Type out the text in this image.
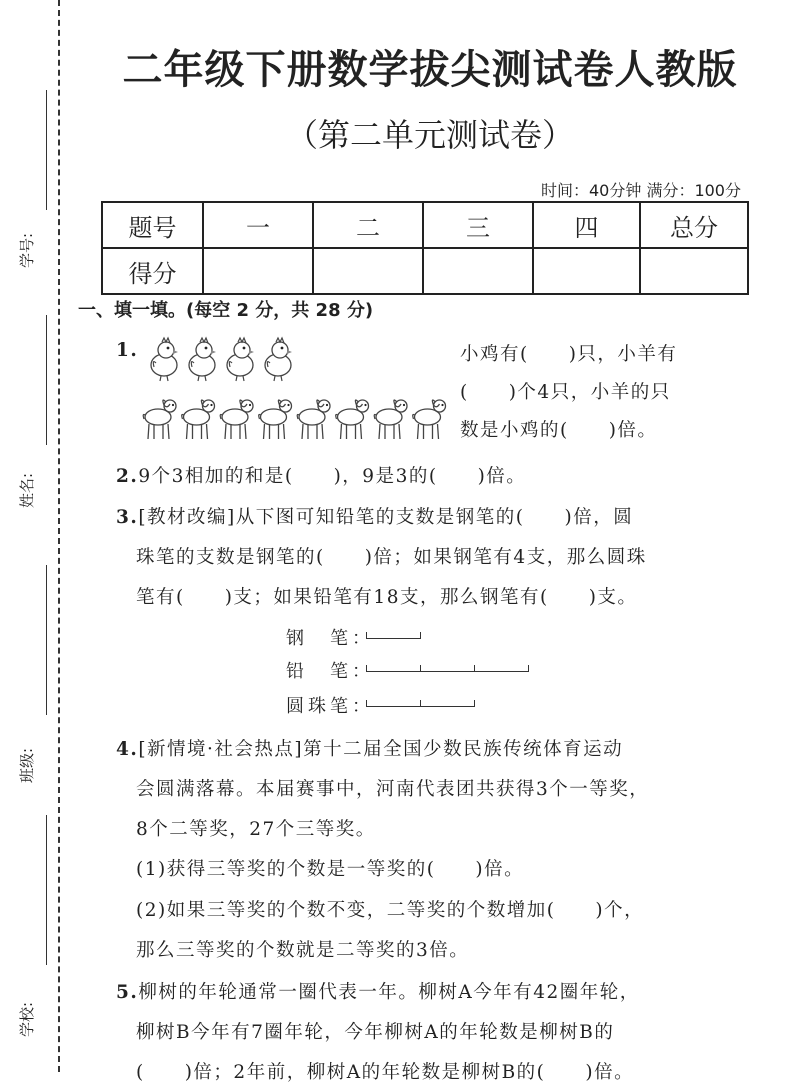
学号:
姓名:
班级:
学校:
二年级下册数学拔尖测试卷人教版
（第二单元测试卷）
时间：40分钟 满分：100分
题号	一	二	三	四	总分
得分					
一、填一填。(每空 2 分，共 28 分)
1.	小鸡有(　　)只，小羊有
(　　)个4只，小羊的只
数是小鸡的(　　)倍。
2.9个3相加的和是(　　)，9是3的(　　)倍。
3.[教材改编]从下图可知铅笔的支数是钢笔的(　　)倍，圆
珠笔的支数是钢笔的(　　)倍；如果钢笔有4支，那么圆珠
笔有(　　)支；如果铅笔有18支，那么钢笔有(　　)支。
钢　笔：
铅　笔：
圆珠笔：
4.[新情境·社会热点]第十二届全国少数民族传统体育运动
会圆满落幕。本届赛事中，河南代表团共获得3个一等奖，
8个二等奖，27个三等奖。
(1)获得三等奖的个数是一等奖的(　　)倍。
(2)如果三等奖的个数不变，二等奖的个数增加(　　)个，
那么三等奖的个数就是二等奖的3倍。
5.柳树的年轮通常一圈代表一年。柳树A今年有42圈年轮，
柳树B今年有7圈年轮，今年柳树A的年轮数是柳树B的
(　　)倍；2年前，柳树A的年轮数是柳树B的(　　)倍。
